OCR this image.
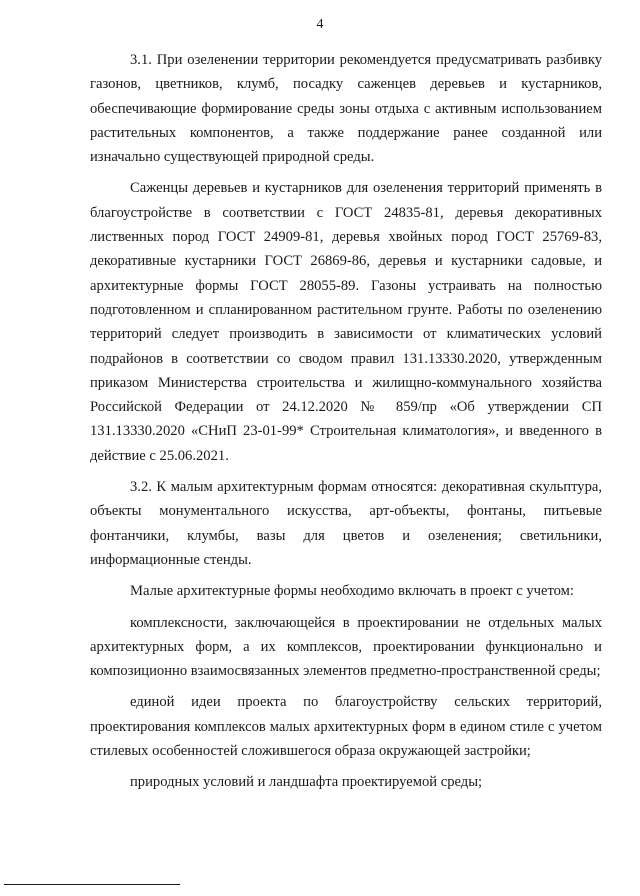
4

3.1. При озеленении территории рекомендуется предусматривать разбивку газонов, цветников, клумб, посадку саженцев деревьев и кустарников, обеспечивающие формирование среды зоны отдыха с активным использованием растительных компонентов, а также поддержание ранее созданной или изначально существующей природной среды.

Саженцы деревьев и кустарников для озеленения территорий применять в благоустройстве в соответствии с ГОСТ 24835-81, деревья декоративных лиственных пород ГОСТ 24909-81, деревья хвойных пород ГОСТ 25769-83, декоративные кустарники ГОСТ 26869-86, деревья и кустарники садовые, и архитектурные формы ГОСТ 28055-89. Газоны устраивать на полностью подготовленном и спланированном растительном грунте. Работы по озеленению территорий следует производить в зависимости от климатических условий подрайонов в соответствии со сводом правил 131.13330.2020, утвержденным приказом Министерства строительства и жилищно-коммунального хозяйства Российской Федерации от 24.12.2020 № 859/пр «Об утверждении СП 131.13330.2020 «СНиП 23-01-99* Строительная климатология», и введенного в действие с 25.06.2021.

3.2. К малым архитектурным формам относятся: декоративная скульптура, объекты монументального искусства, арт-объекты, фонтаны, питьевые фонтанчики, клумбы, вазы для цветов и озеленения; светильники, информационные стенды.

Малые архитектурные формы необходимо включать в проект с учетом:

комплексности, заключающейся в проектировании не отдельных малых архитектурных форм, а их комплексов, проектировании функционально и композиционно взаимосвязанных элементов предметно-пространственной среды;

единой идеи проекта по благоустройству сельских территорий, проектирования комплексов малых архитектурных форм в едином стиле с учетом стилевых особенностей сложившегося образа окружающей застройки;

природных условий и ландшафта проектируемой среды;
